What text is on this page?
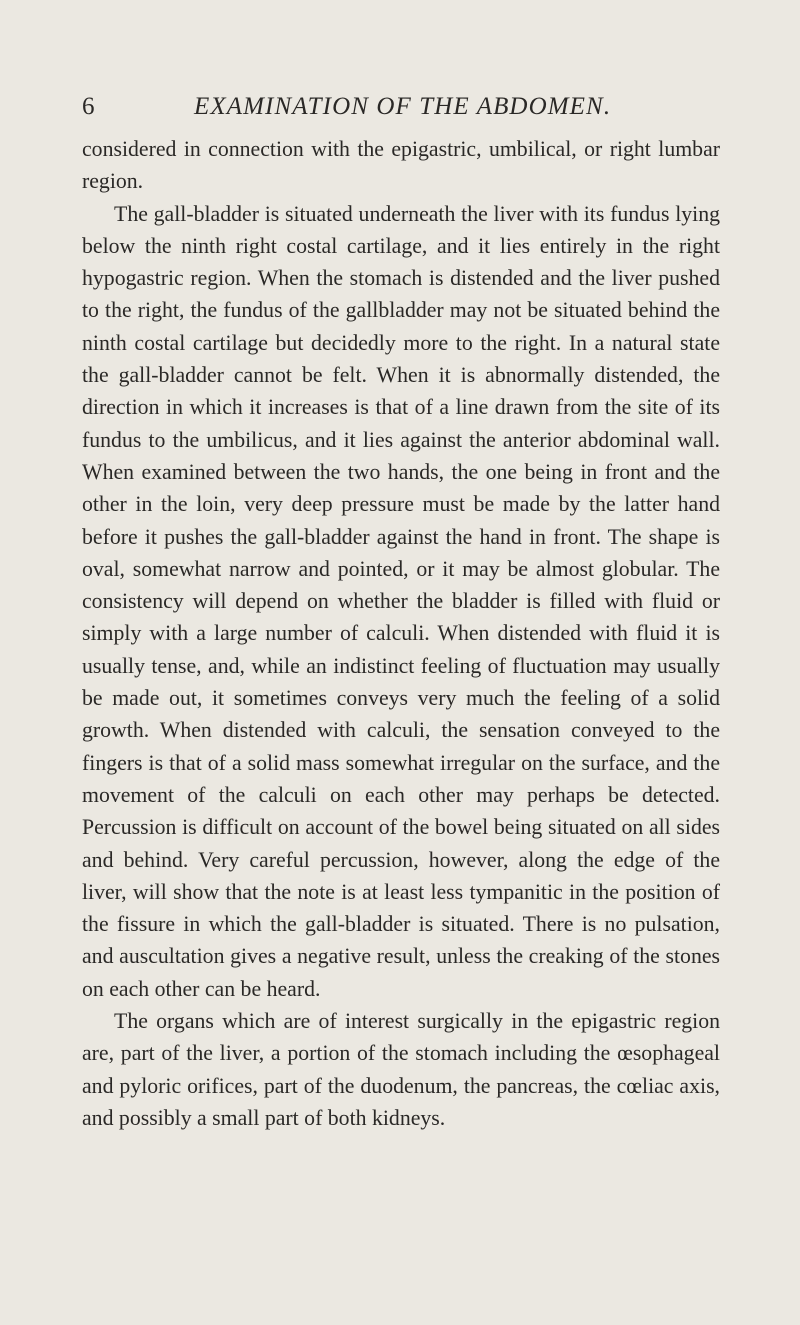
6	EXAMINATION OF THE ABDOMEN.

considered in connection with the epigastric, umbilical, or right lumbar region.

The gall-bladder is situated underneath the liver with its fundus lying below the ninth right costal cartilage, and it lies entirely in the right hypogastric region. When the stomach is distended and the liver pushed to the right, the fundus of the gallbladder may not be situated behind the ninth costal cartilage but decidedly more to the right. In a natural state the gall-bladder cannot be felt. When it is abnormally distended, the direction in which it increases is that of a line drawn from the site of its fundus to the umbilicus, and it lies against the anterior abdominal wall. When examined between the two hands, the one being in front and the other in the loin, very deep pressure must be made by the latter hand before it pushes the gall-bladder against the hand in front. The shape is oval, somewhat narrow and pointed, or it may be almost globular. The consistency will depend on whether the bladder is filled with fluid or simply with a large number of calculi. When distended with fluid it is usually tense, and, while an indistinct feeling of fluctuation may usually be made out, it sometimes conveys very much the feeling of a solid growth. When distended with calculi, the sensation conveyed to the fingers is that of a solid mass somewhat irregular on the surface, and the movement of the calculi on each other may perhaps be detected. Percussion is difficult on account of the bowel being situated on all sides and behind. Very careful percussion, however, along the edge of the liver, will show that the note is at least less tympanitic in the position of the fissure in which the gall-bladder is situated. There is no pulsation, and auscultation gives a negative result, unless the creaking of the stones on each other can be heard.

The organs which are of interest surgically in the epigastric region are, part of the liver, a portion of the stomach including the œsophageal and pyloric orifices, part of the duodenum, the pancreas, the cœliac axis, and possibly a small part of both kidneys.
